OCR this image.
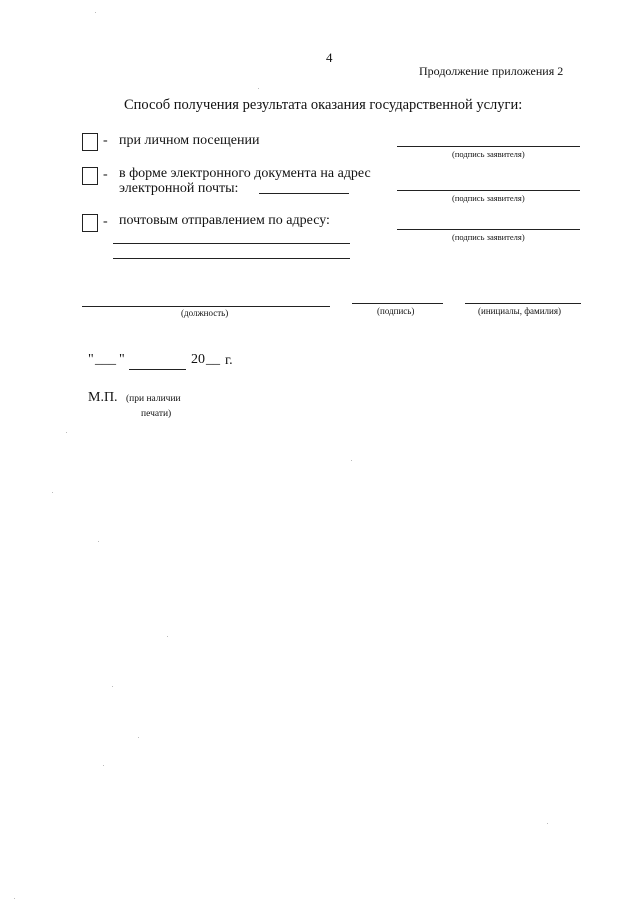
4
Продолжение приложения 2
Способ получения результата оказания государственной услуги:
- при личном посещении
(подпись заявителя)
- в форме электронного документа на адрес
электронной почты:
(подпись заявителя)
- почтовым отправлением по адресу:
(подпись заявителя)
(должность)	(подпись)	(инициалы, фамилия)
" ___ "	20 __ г.
М.П. (при наличии
печати)
